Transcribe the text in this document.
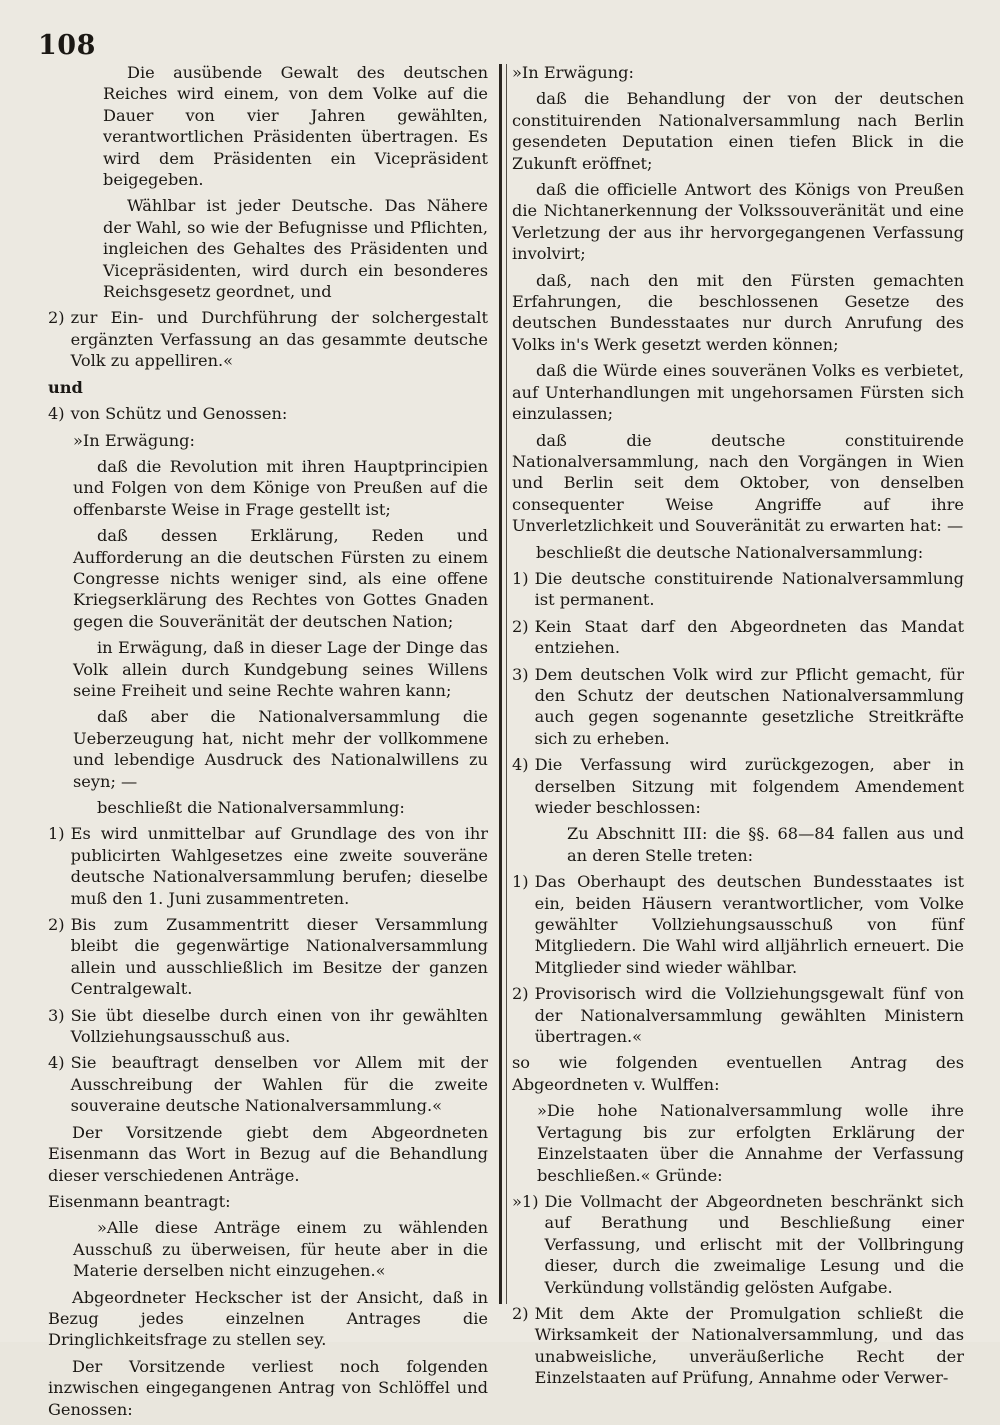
108

Die ausübende Gewalt des deutschen Reiches wird einem, von dem Volke auf die Dauer von vier Jahren gewählten, verantwortlichen Präsidenten übertragen. Es wird dem Präsidenten ein Vicepräsident beigegeben.

Wählbar ist jeder Deutsche. Das Nähere der Wahl, so wie der Befugnisse und Pflichten, ingleichen des Gehaltes des Präsidenten und Vicepräsidenten, wird durch ein besonderes Reichsgesetz geordnet, und

2) zur Ein- und Durchführung der solchergestalt ergänzten Verfassung an das gesammte deutsche Volk zu appelliren.«

und

4) von Schütz und Genossen:

»In Erwägung:

daß die Revolution mit ihren Hauptprincipien und Folgen von dem Könige von Preußen auf die offenbarste Weise in Frage gestellt ist;

daß dessen Erklärung, Reden und Aufforderung an die deutschen Fürsten zu einem Congresse nichts weniger sind, als eine offene Kriegserklärung des Rechtes von Gottes Gnaden gegen die Souveränität der deutschen Nation;

in Erwägung, daß in dieser Lage der Dinge das Volk allein durch Kundgebung seines Willens seine Freiheit und seine Rechte wahren kann;

daß aber die Nationalversammlung die Ueberzeugung hat, nicht mehr der vollkommene und lebendige Ausdruck des Nationalwillens zu seyn; —

beschließt die Nationalversammlung:

1) Es wird unmittelbar auf Grundlage des von ihr publicirten Wahlgesetzes eine zweite souveräne deutsche Nationalversammlung berufen; dieselbe muß den 1. Juni zusammentreten.
2) Bis zum Zusammentritt dieser Versammlung bleibt die gegenwärtige Nationalversammlung allein und ausschließlich im Besitze der ganzen Centralgewalt.
3) Sie übt dieselbe durch einen von ihr gewählten Vollziehungsausschuß aus.
4) Sie beauftragt denselben vor Allem mit der Ausschreibung der Wahlen für die zweite souveraine deutsche Nationalversammlung.«

Der Vorsitzende giebt dem Abgeordneten Eisenmann das Wort in Bezug auf die Behandlung dieser verschiedenen Anträge.

Eisenmann beantragt:

»Alle diese Anträge einem zu wählenden Ausschuß zu überweisen, für heute aber in die Materie derselben nicht einzugehen.«

Abgeordneter Heckscher ist der Ansicht, daß in Bezug jedes einzelnen Antrages die Dringlichkeitsfrage zu stellen sey.

Der Vorsitzende verliest noch folgenden inzwischen eingegangenen Antrag von Schlöffel und Genossen:

»In Erwägung:

daß die Behandlung der von der deutschen constituirenden Nationalversammlung nach Berlin gesendeten Deputation einen tiefen Blick in die Zukunft eröffnet;

daß die officielle Antwort des Königs von Preußen die Nichtanerkennung der Volkssouveränität und eine Verletzung der aus ihr hervorgegangenen Verfassung involvirt;

daß, nach den mit den Fürsten gemachten Erfahrungen, die beschlossenen Gesetze des deutschen Bundesstaates nur durch Anrufung des Volks in's Werk gesetzt werden können;

daß die Würde eines souveränen Volks es verbietet, auf Unterhandlungen mit ungehorsamen Fürsten sich einzulassen;

daß die deutsche constituirende Nationalversammlung, nach den Vorgängen in Wien und Berlin seit dem Oktober, von denselben consequenter Weise Angriffe auf ihre Unverletzlichkeit und Souveränität zu erwarten hat: —

beschließt die deutsche Nationalversammlung:

1) Die deutsche constituirende Nationalversammlung ist permanent.
2) Kein Staat darf den Abgeordneten das Mandat entziehen.
3) Dem deutschen Volk wird zur Pflicht gemacht, für den Schutz der deutschen Nationalversammlung auch gegen sogenannte gesetzliche Streitkräfte sich zu erheben.
4) Die Verfassung wird zurückgezogen, aber in derselben Sitzung mit folgendem Amendement wieder beschlossen:

Zu Abschnitt III: die §§. 68—84 fallen aus und an deren Stelle treten:

1) Das Oberhaupt des deutschen Bundesstaates ist ein, beiden Häusern verantwortlicher, vom Volke gewählter Vollziehungsausschuß von fünf Mitgliedern. Die Wahl wird alljährlich erneuert. Die Mitglieder sind wieder wählbar.
2) Provisorisch wird die Vollziehungsgewalt fünf von der Nationalversammlung gewählten Ministern übertragen.«

so wie folgenden eventuellen Antrag des Abgeordneten v. Wulffen:

»Die hohe Nationalversammlung wolle ihre Vertagung bis zur erfolgten Erklärung der Einzelstaaten über die Annahme der Verfassung beschließen.« Gründe:

»1) Die Vollmacht der Abgeordneten beschränkt sich auf Berathung und Beschließung einer Verfassung, und erlischt mit der Vollbringung dieser, durch die zweimalige Lesung und die Verkündung vollständig gelösten Aufgabe.
2) Mit dem Akte der Promulgation schließt die Wirksamkeit der Nationalversammlung, und das unabweisliche, unveräußerliche Recht der Einzelstaaten auf Prüfung, Annahme oder Verwer-
